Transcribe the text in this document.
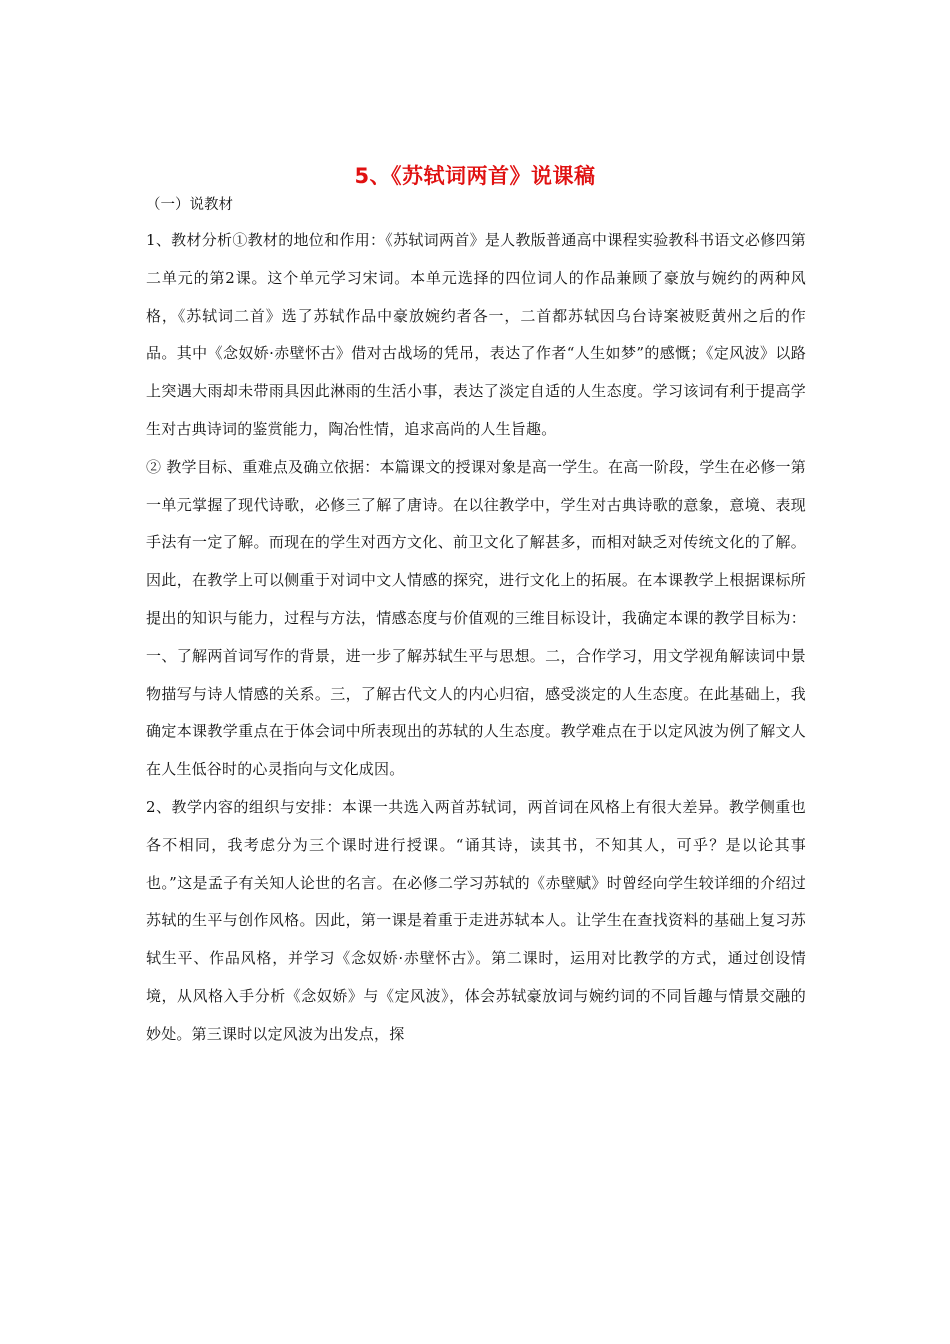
5、《苏轼词两首》说课稿
（一）说教材

1、教材分析①教材的地位和作用：《苏轼词两首》是人教版普通高中课程实验教科书语文必修四第二单元的第2课。这个单元学习宋词。本单元选择的四位词人的作品兼顾了豪放与婉约的两种风格，《苏轼词二首》选了苏轼作品中豪放婉约者各一，二首都苏轼因乌台诗案被贬黄州之后的作品。其中《念奴娇·赤壁怀古》借对古战场的凭吊，表达了作者“人生如梦”的感慨；《定风波》以路上突遇大雨却未带雨具因此淋雨的生活小事，表达了淡定自适的人生态度。学习该词有利于提高学生对古典诗词的鉴赏能力，陶冶性情，追求高尚的人生旨趣。

② 教学目标、重难点及确立依据：本篇课文的授课对象是高一学生。在高一阶段，学生在必修一第一单元掌握了现代诗歌，必修三了解了唐诗。在以往教学中，学生对古典诗歌的意象，意境、表现手法有一定了解。而现在的学生对西方文化、前卫文化了解甚多，而相对缺乏对传统文化的了解。因此，在教学上可以侧重于对词中文人情感的探究，进行文化上的拓展。在本课教学上根据课标所提出的知识与能力，过程与方法，情感态度与价值观的三维目标设计，我确定本课的教学目标为：一、了解两首词写作的背景，进一步了解苏轼生平与思想。二，合作学习，用文学视角解读词中景物描写与诗人情感的关系。三，了解古代文人的内心归宿，感受淡定的人生态度。在此基础上，我确定本课教学重点在于体会词中所表现出的苏轼的人生态度。教学难点在于以定风波为例了解文人在人生低谷时的心灵指向与文化成因。

2、教学内容的组织与安排：本课一共选入两首苏轼词，两首词在风格上有很大差异。教学侧重也各不相同，我考虑分为三个课时进行授课。“诵其诗，读其书，不知其人，可乎？是以论其事也。”这是孟子有关知人论世的名言。在必修二学习苏轼的《赤壁赋》时曾经向学生较详细的介绍过苏轼的生平与创作风格。因此，第一课是着重于走进苏轼本人。让学生在查找资料的基础上复习苏轼生平、作品风格，并学习《念奴娇·赤壁怀古》。第二课时，运用对比教学的方式，通过创设情境，从风格入手分析《念奴娇》与《定风波》，体会苏轼豪放词与婉约词的不同旨趣与情景交融的妙处。第三课时以定风波为出发点，探
